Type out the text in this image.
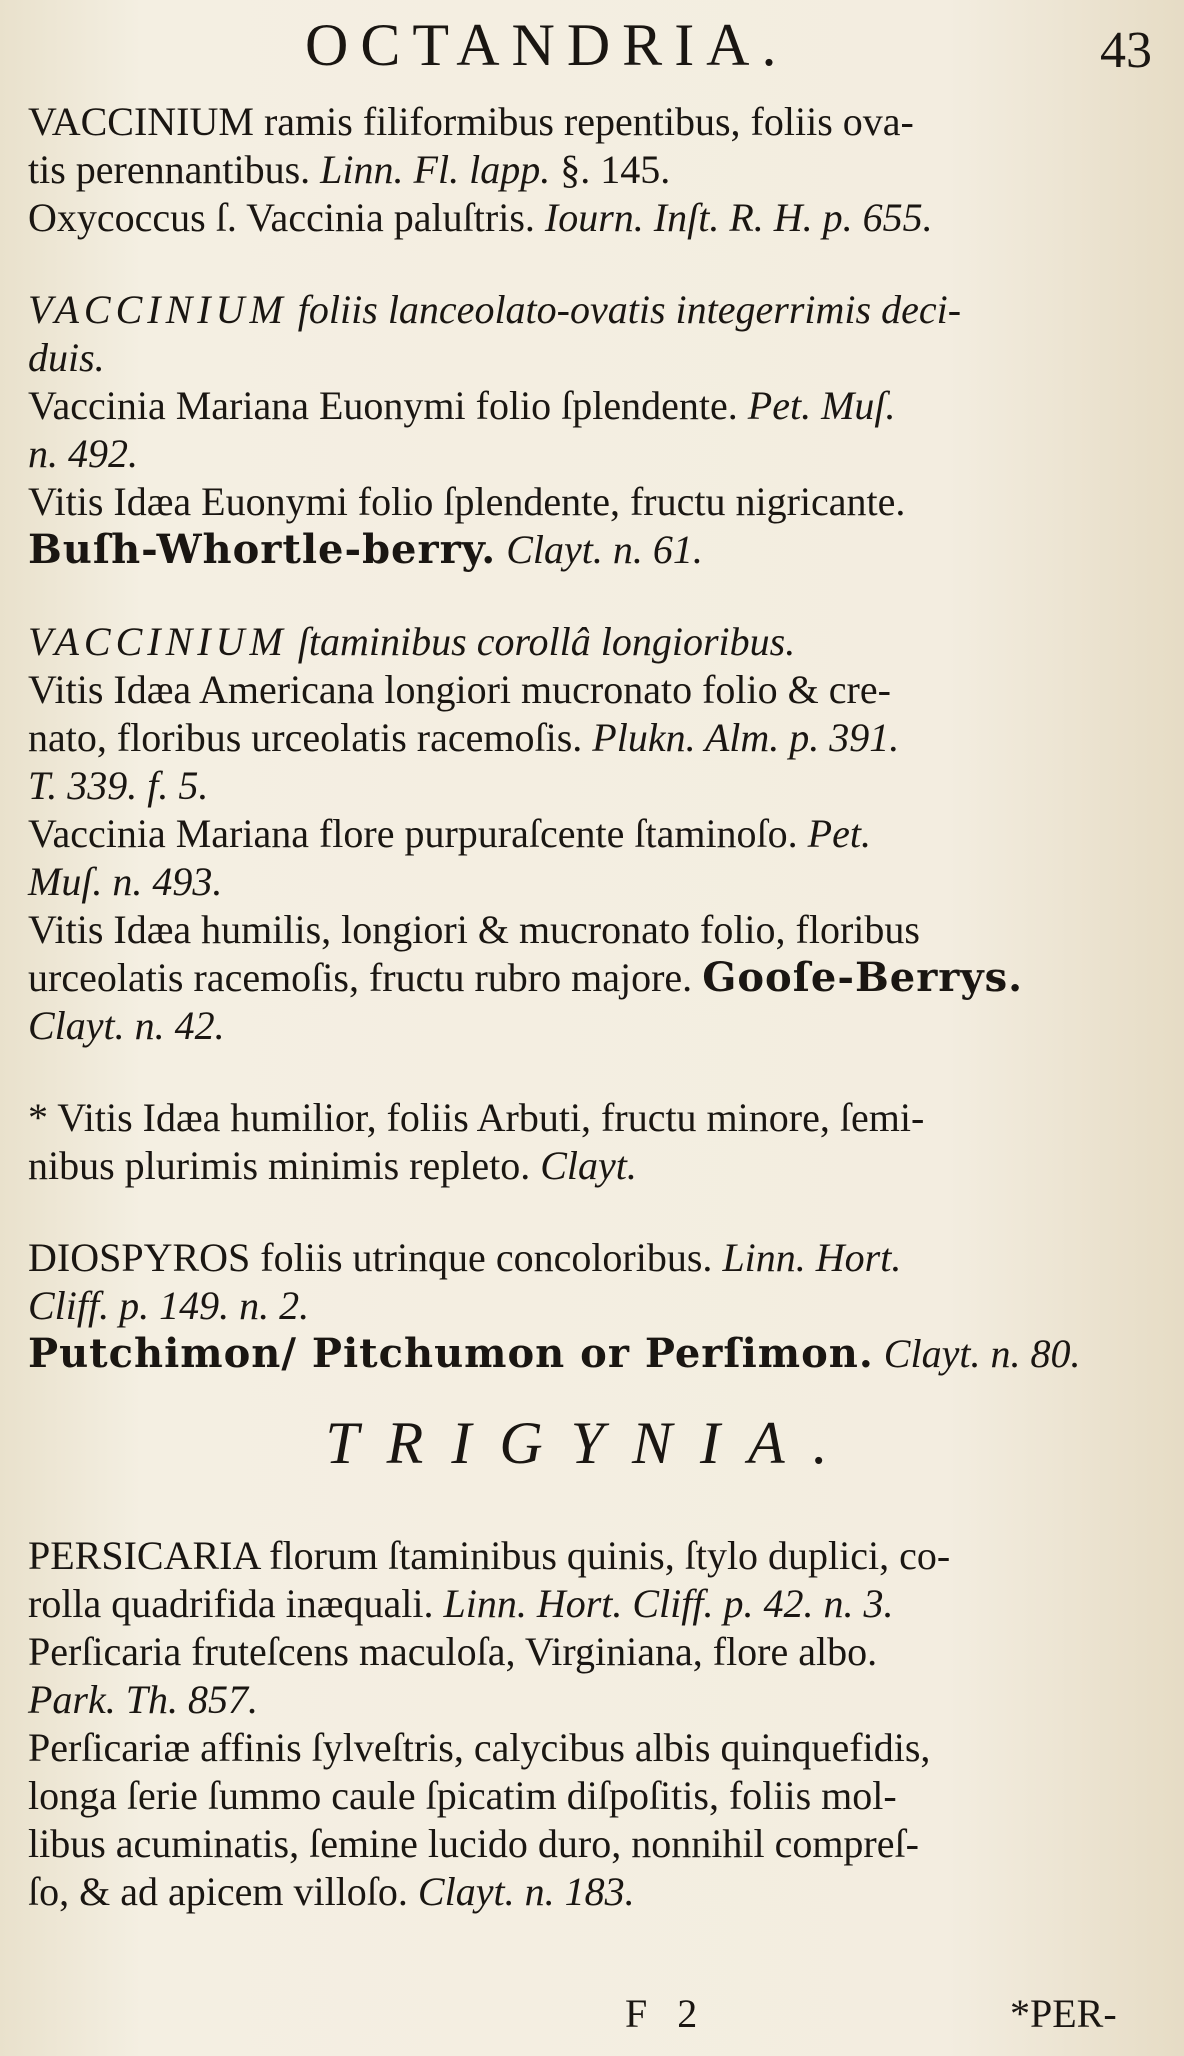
OCTANDRIA.	43
VACCINIUM ramis filiformibus repentibus, foliis ova-
tis perennantibus. Linn. Fl. lapp. §. 145.
Oxycoccus ſ. Vaccinia paluſtris. Iourn. Inſt. R. H. p. 655.
VACCINIUM foliis lanceolato-ovatis integerrimis deci-
duis.
Vaccinia Mariana Euonymi folio ſplendente. Pet. Muſ.
n. 492.
Vitis Idæa Euonymi folio ſplendente, fructu nigricante.
Buſh-Whortle-berry. Clayt. n. 61.
VACCINIUM ſtaminibus corollâ longioribus.
Vitis Idæa Americana longiori mucronato folio & cre-
nato, floribus urceolatis racemoſis. Plukn. Alm. p. 391.
T. 339. f. 5.
Vaccinia Mariana flore purpuraſcente ſtaminoſo. Pet.
Muſ. n. 493.
Vitis Idæa humilis, longiori & mucronato folio, floribus
urceolatis racemoſis, fructu rubro majore. Gooſe-Berrys.
Clayt. n. 42.
* Vitis Idæa humilior, foliis Arbuti, fructu minore, ſemi-
nibus plurimis minimis repleto. Clayt.
DIOSPYROS foliis utrinque concoloribus. Linn. Hort.
Cliff. p. 149. n. 2.
Putchimon/ Pitchumon or Perſimon. Clayt. n. 80.
TRIGYNIA.
PERSICARIA florum ſtaminibus quinis, ſtylo duplici, co-
rolla quadrifida inæquali. Linn. Hort. Cliff. p. 42. n. 3.
Perſicaria fruteſcens maculoſa, Virginiana, flore albo.
Park. Th. 857.
Perſicariæ affinis ſylveſtris, calycibus albis quinquefidis,
longa ſerie ſummo caule ſpicatim diſpoſitis, foliis mol-
libus acuminatis, ſemine lucido duro, nonnihil compreſ-
ſo, & ad apicem villoſo. Clayt. n. 183.
F 2	*PER-
